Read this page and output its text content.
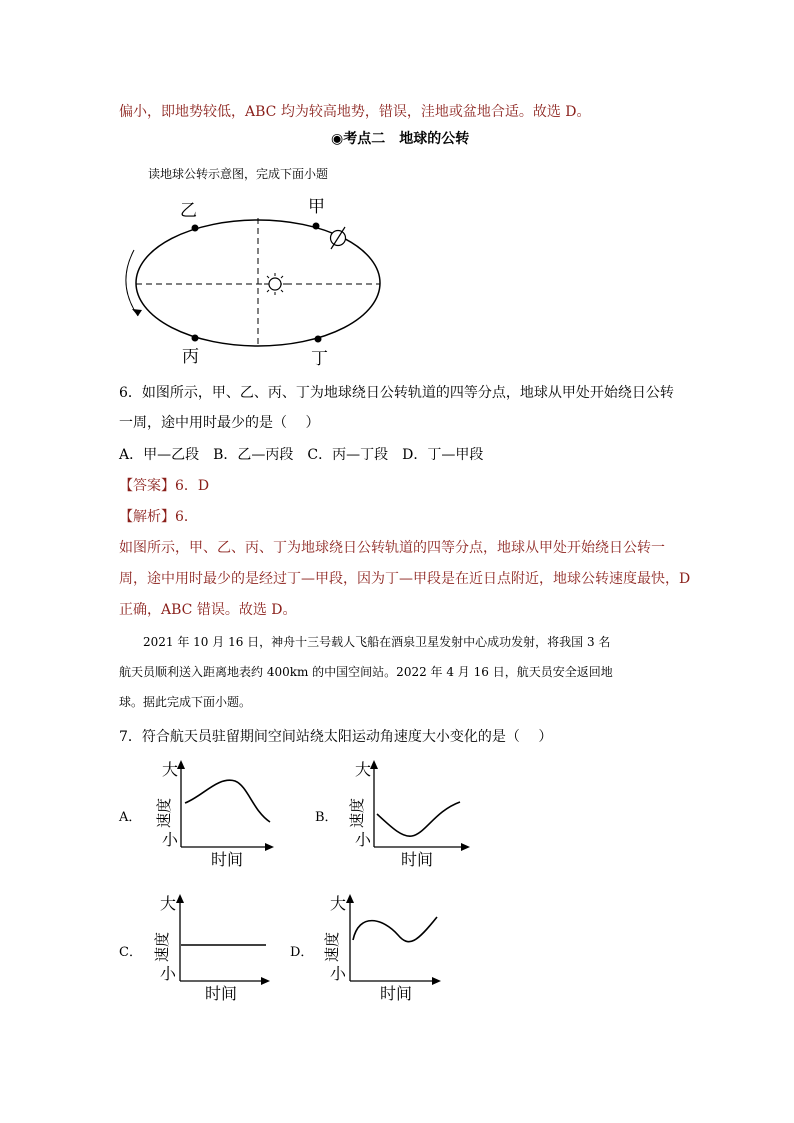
偏小，即地势较低，ABC 均为较高地势，错误，洼地或盆地合适。故选 D。
◉考点二　地球的公转
读地球公转示意图，完成下面小题
乙	甲
丙	丁
6．如图所示，甲、乙、丙、丁为地球绕日公转轨道的四等分点，地球从甲处开始绕日公转
一周，途中用时最少的是（　 ）
A．甲—乙段　B．乙—丙段　C．丙—丁段　D．丁—甲段
【答案】6．D
【解析】6．
如图所示，甲、乙、丙、丁为地球绕日公转轨道的四等分点，地球从甲处开始绕日公转一
周，途中用时最少的是经过丁—甲段，因为丁—甲段是在近日点附近，地球公转速度最快，D
正确，ABC 错误。故选 D。
　　2021 年 10 月 16 日，神舟十三号载人飞船在酒泉卫星发射中心成功发射，将我国 3 名
航天员顺利送入距离地表约 400km 的中国空间站。2022 年 4 月 16 日，航天员安全返回地
球。据此完成下面小题。
7．符合航天员驻留期间空间站绕太阳运动角速度大小变化的是（　 ）
A．	B．
C．	D．
大
小
速度
时间
大
小
速度
时间
大
小
速度
时间
大
小
速度
时间
